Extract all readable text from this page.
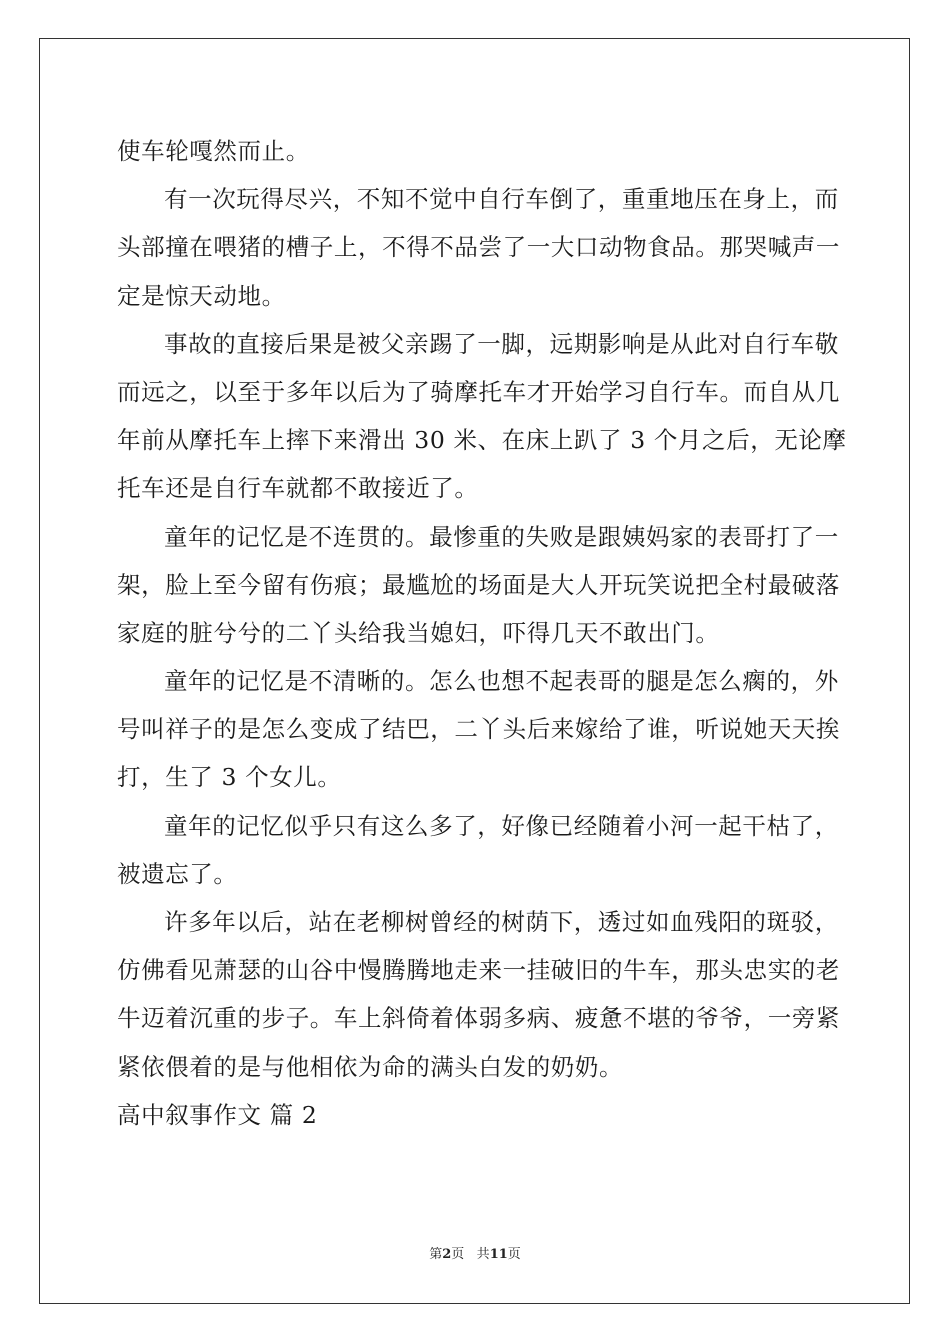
使车轮嘎然而止。
有一次玩得尽兴，不知不觉中自行车倒了，重重地压在身上，而
头部撞在喂猪的槽子上，不得不品尝了一大口动物食品。那哭喊声一
定是惊天动地。
事故的直接后果是被父亲踢了一脚，远期影响是从此对自行车敬
而远之，以至于多年以后为了骑摩托车才开始学习自行车。而自从几
年前从摩托车上摔下来滑出 30 米、在床上趴了 3 个月之后，无论摩
托车还是自行车就都不敢接近了。
童年的记忆是不连贯的。最惨重的失败是跟姨妈家的表哥打了一
架，脸上至今留有伤痕；最尴尬的场面是大人开玩笑说把全村最破落
家庭的脏兮兮的二丫头给我当媳妇，吓得几天不敢出门。
童年的记忆是不清晰的。怎么也想不起表哥的腿是怎么瘸的，外
号叫祥子的是怎么变成了结巴，二丫头后来嫁给了谁，听说她天天挨
打，生了 3 个女儿。
童年的记忆似乎只有这么多了，好像已经随着小河一起干枯了，
被遗忘了。
许多年以后，站在老柳树曾经的树荫下，透过如血残阳的斑驳，
仿佛看见萧瑟的山谷中慢腾腾地走来一挂破旧的牛车，那头忠实的老
牛迈着沉重的步子。车上斜倚着体弱多病、疲惫不堪的爷爷，一旁紧
紧依偎着的是与他相依为命的满头白发的奶奶。
高中叙事作文 篇 2
第2页 共11页
